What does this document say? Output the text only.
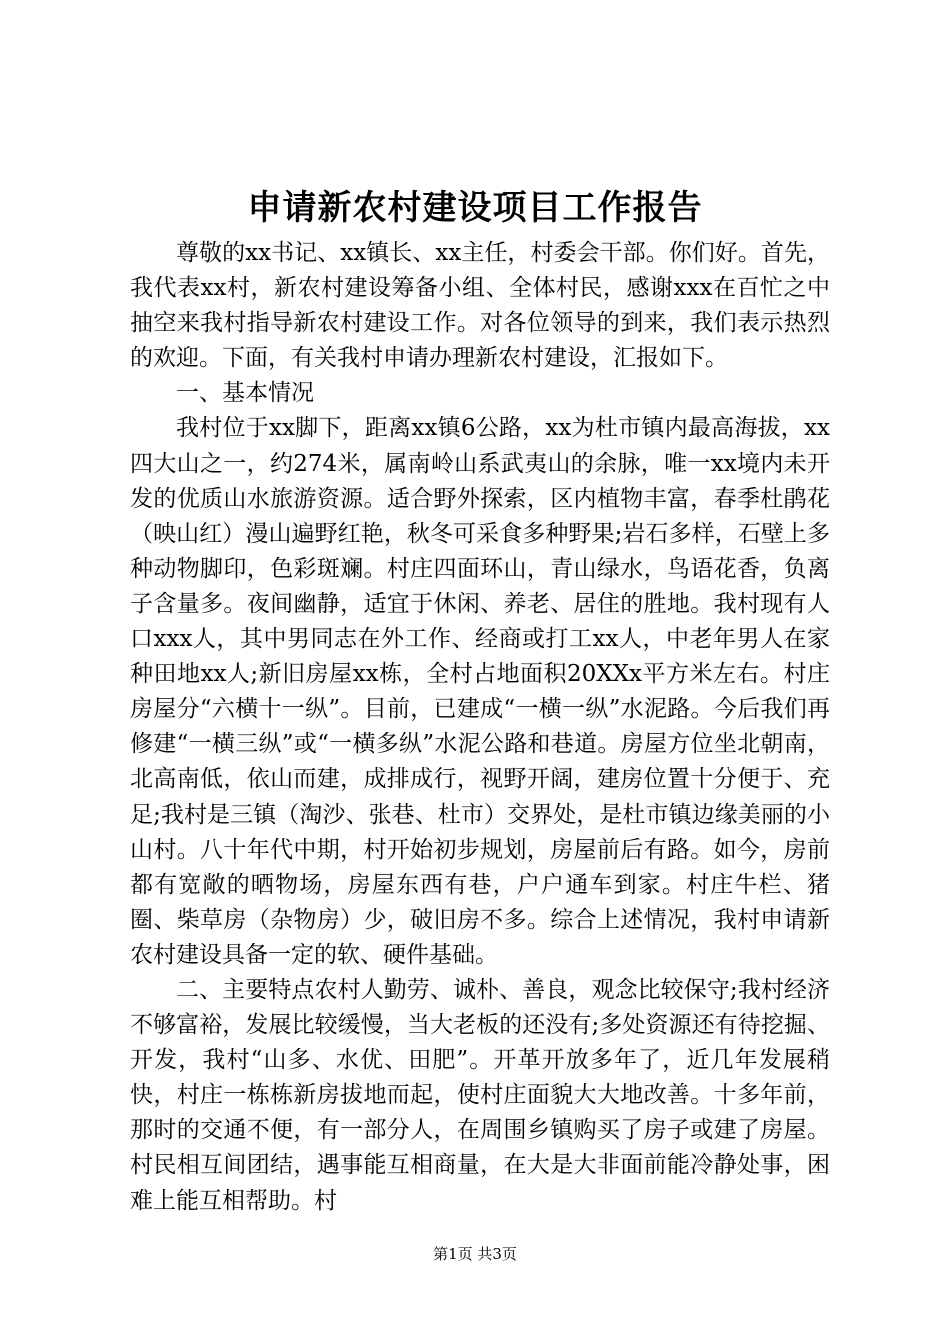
申请新农村建设项目工作报告

尊敬的xx书记、xx镇长、xx主任，村委会干部。你们好。首先，我代表xx村，新农村建设筹备小组、全体村民，感谢xxx在百忙之中抽空来我村指导新农村建设工作。对各位领导的到来，我们表示热烈的欢迎。下面，有关我村申请办理新农村建设，汇报如下。

一、基本情况

我村位于xx脚下，距离xx镇6公路，xx为杜市镇内最高海拔，xx四大山之一，约274米，属南岭山系武夷山的余脉，唯一xx境内未开发的优质山水旅游资源。适合野外探索，区内植物丰富，春季杜鹃花（映山红）漫山遍野红艳，秋冬可采食多种野果;岩石多样，石壁上多种动物脚印，色彩斑斓。村庄四面环山，青山绿水，鸟语花香，负离子含量多。夜间幽静，适宜于休闲、养老、居住的胜地。我村现有人口xxx人，其中男同志在外工作、经商或打工xx人，中老年男人在家种田地xx人;新旧房屋xx栋，全村占地面积20XXx平方米左右。村庄房屋分“六横十一纵”。目前，已建成“一横一纵”水泥路。今后我们再修建“一横三纵”或“一横多纵”水泥公路和巷道。房屋方位坐北朝南，北高南低，依山而建，成排成行，视野开阔，建房位置十分便于、充足;我村是三镇（淘沙、张巷、杜市）交界处，是杜市镇边缘美丽的小山村。八十年代中期，村开始初步规划，房屋前后有路。如今，房前都有宽敞的晒物场，房屋东西有巷，户户通车到家。村庄牛栏、猪圈、柴草房（杂物房）少，破旧房不多。综合上述情况，我村申请新农村建设具备一定的软、硬件基础。

二、主要特点农村人勤劳、诚朴、善良，观念比较保守;我村经济不够富裕，发展比较缓慢，当大老板的还没有;多处资源还有待挖掘、开发，我村“山多、水优、田肥”。开革开放多年了，近几年发展稍快，村庄一栋栋新房拔地而起，使村庄面貌大大地改善。十多年前，那时的交通不便，有一部分人，在周围乡镇购买了房子或建了房屋。村民相互间团结，遇事能互相商量，在大是大非面前能冷静处事，困难上能互相帮助。村

第1页 共3页
